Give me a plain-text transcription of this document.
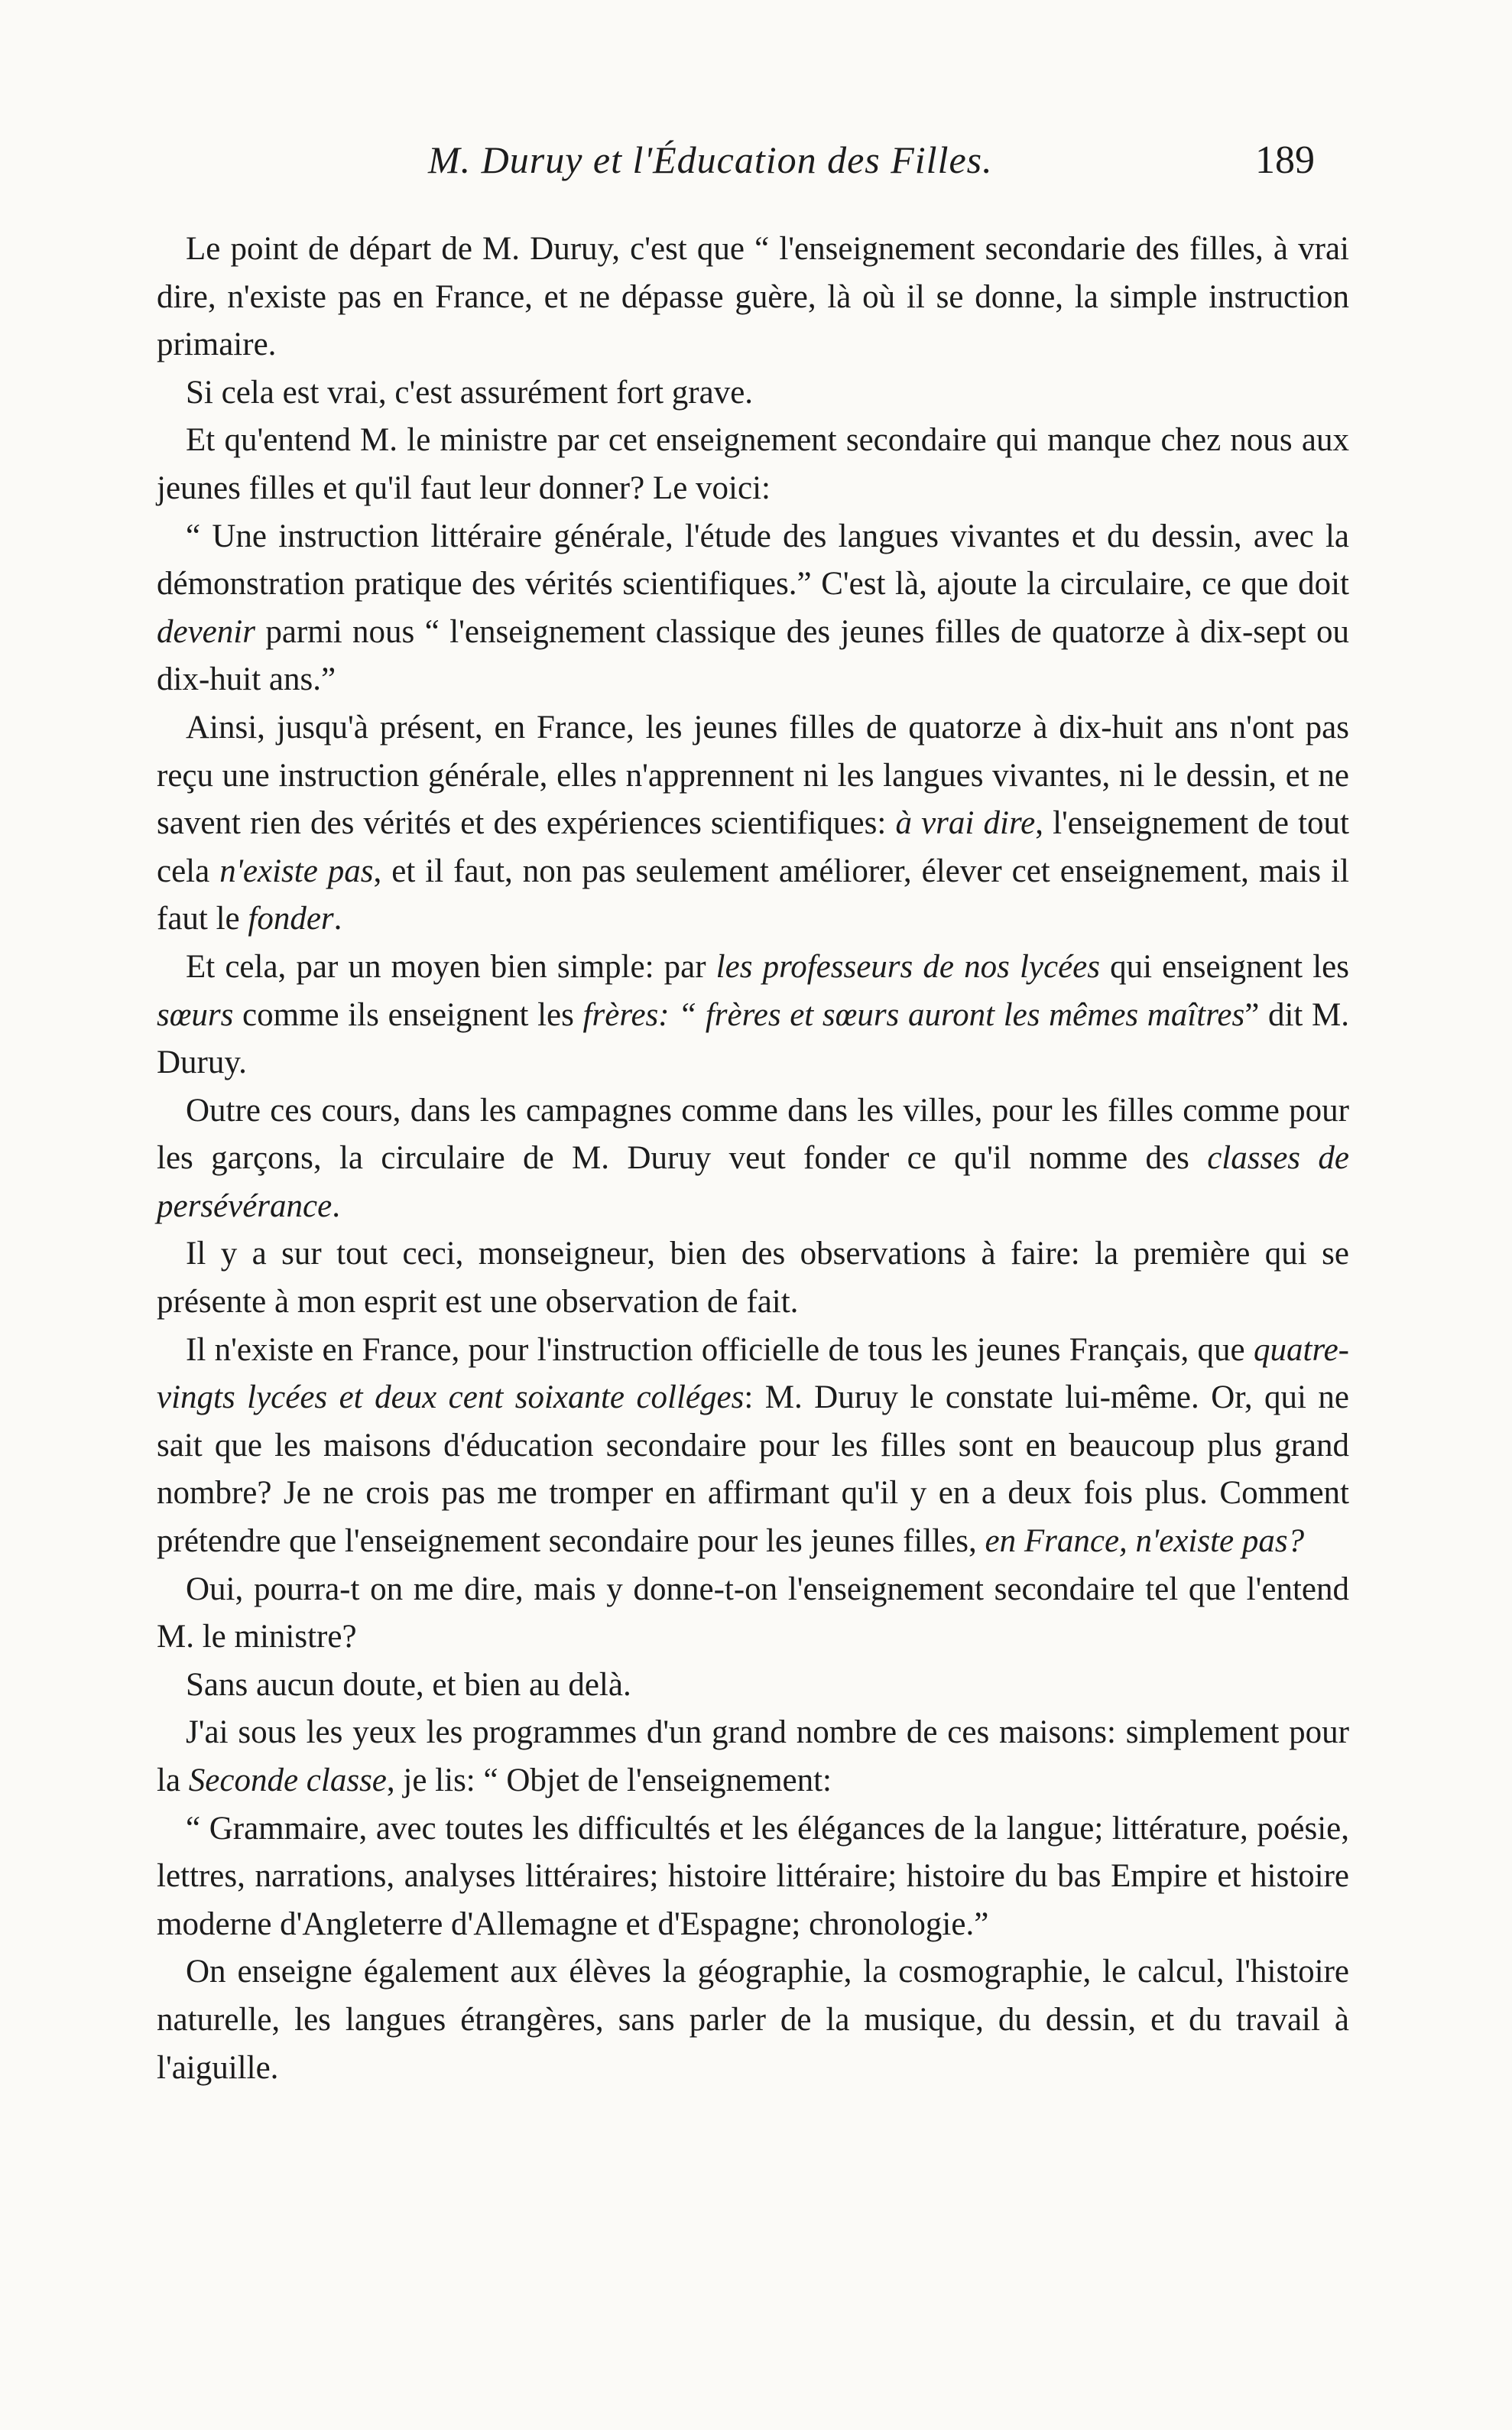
M. Duruy et l'Éducation des Filles.	189

Le point de départ de M. Duruy, c'est que “ l'enseignement secondarie des filles, à vrai dire, n'existe pas en France, et ne dépasse guère, là où il se donne, la simple instruction primaire.

Si cela est vrai, c'est assurément fort grave.

Et qu'entend M. le ministre par cet enseignement secondaire qui manque chez nous aux jeunes filles et qu'il faut leur donner? Le voici:

“ Une instruction littéraire générale, l'étude des langues vivantes et du dessin, avec la démonstration pratique des vérités scientifiques.” C'est là, ajoute la circulaire, ce que doit devenir parmi nous “ l'enseignement classique des jeunes filles de quatorze à dix-sept ou dix-huit ans.”

Ainsi, jusqu'à présent, en France, les jeunes filles de quatorze à dix-huit ans n'ont pas reçu une instruction générale, elles n'apprennent ni les langues vivantes, ni le dessin, et ne savent rien des vérités et des expériences scientifiques: à vrai dire, l'enseignement de tout cela n'existe pas, et il faut, non pas seulement améliorer, élever cet enseignement, mais il faut le fonder.

Et cela, par un moyen bien simple: par les professeurs de nos lycées qui enseignent les sœurs comme ils enseignent les frères: “ frères et sœurs auront les mêmes maîtres” dit M. Duruy.

Outre ces cours, dans les campagnes comme dans les villes, pour les filles comme pour les garçons, la circulaire de M. Duruy veut fonder ce qu'il nomme des classes de persévérance.

Il y a sur tout ceci, monseigneur, bien des observations à faire: la première qui se présente à mon esprit est une observation de fait.

Il n'existe en France, pour l'instruction officielle de tous les jeunes Français, que quatre-vingts lycées et deux cent soixante colléges: M. Duruy le constate lui-même. Or, qui ne sait que les maisons d'éducation secondaire pour les filles sont en beaucoup plus grand nombre? Je ne crois pas me tromper en affirmant qu'il y en a deux fois plus. Comment prétendre que l'enseignement secondaire pour les jeunes filles, en France, n'existe pas?

Oui, pourra-t on me dire, mais y donne-t-on l'enseignement secondaire tel que l'entend M. le ministre?

Sans aucun doute, et bien au delà.

J'ai sous les yeux les programmes d'un grand nombre de ces maisons: simplement pour la Seconde classe, je lis: “ Objet de l'enseignement:

“ Grammaire, avec toutes les difficultés et les élégances de la langue; littérature, poésie, lettres, narrations, analyses littéraires; histoire littéraire; histoire du bas Empire et histoire moderne d'Angleterre d'Allemagne et d'Espagne; chronologie.”

On enseigne également aux élèves la géographie, la cosmographie, le calcul, l'histoire naturelle, les langues étrangères, sans parler de la musique, du dessin, et du travail à l'aiguille.
